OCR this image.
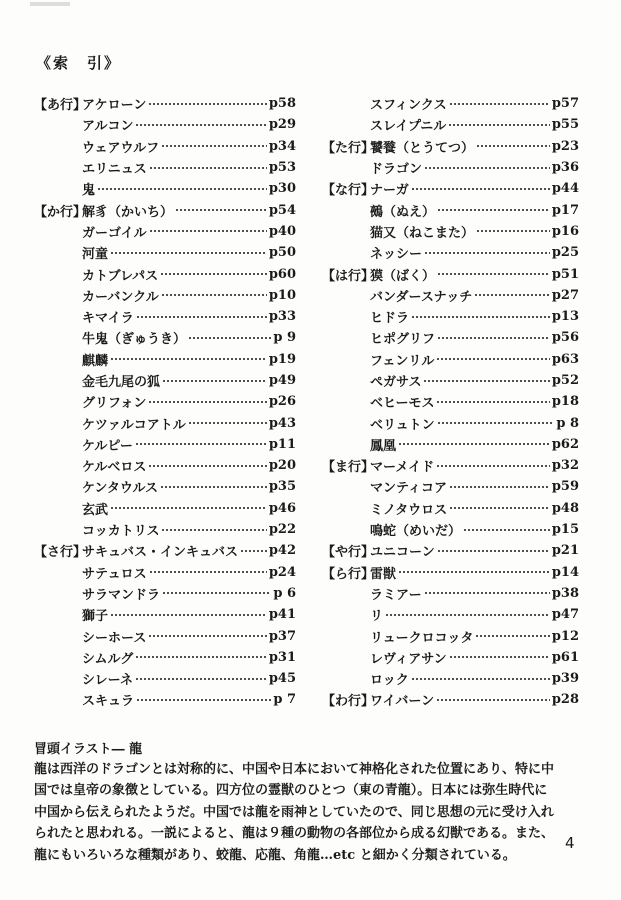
《索　引》
【あ行】
アケローン	p58
アルコン	p29
ウェアウルフ	p34
エリニュス	p53
鬼	p30
【か行】
解豸（かいち）	p54
ガーゴイル	p40
河童	p50
カトブレパス	p60
カーバンクル	p10
キマイラ	p33
牛鬼（ぎゅうき）	p 9
麒麟	p19
金毛九尾の狐	p49
グリフォン	p26
ケツァルコアトル	p43
ケルピー	p11
ケルベロス	p20
ケンタウルス	p35
玄武	p46
コッカトリス	p22
【さ行】
サキュバス・インキュバス p42
サテュロス	p24
サラマンドラ	p 6
獅子	p41
シーホース	p37
シムルグ	p31
シレーネ	p45
スキュラ	p 7
スフィンクス	p57
スレイプニル	p55
【た行】
饕餮（とうてつ）	p23
ドラゴン	p36
【な行】
ナーガ	p44
鵺（ぬえ）	p17
猫又（ねこまた）	p16
ネッシー	p25
【は行】
獏（ばく）	p51
バンダースナッチ	p27
ヒドラ	p13
ヒポグリフ	p56
フェンリル	p63
ペガサス	p52
ベヒーモス	p18
ベリュトン	p 8
鳳凰	p62
【ま行】
マーメイド	p32
マンティコア	p59
ミノタウロス	p48
鳴蛇（めいだ）	p15
【や行】
ユニコーン	p21
【ら行】
雷獣	p14
ラミアー	p38
リ	p47
リュークロコッタ	p12
レヴィアサン	p61
ロック	p39
【わ行】
ワイバーン	p28
冒頭イラスト― 龍
龍は西洋のドラゴンとは対称的に、中国や日本において神格化された位置にあり、特に中
国では皇帝の象徴としている。四方位の霊獣のひとつ（東の青龍）。日本には弥生時代に
中国から伝えられたようだ。中国では龍を雨神としていたので、同じ思想の元に受け入れ
られたと思われる。一説によると、龍は９種の動物の各部位から成る幻獣である。また、
龍にもいろいろな種類があり、蛟龍、応龍、角龍…etc と細かく分類されている。
4
